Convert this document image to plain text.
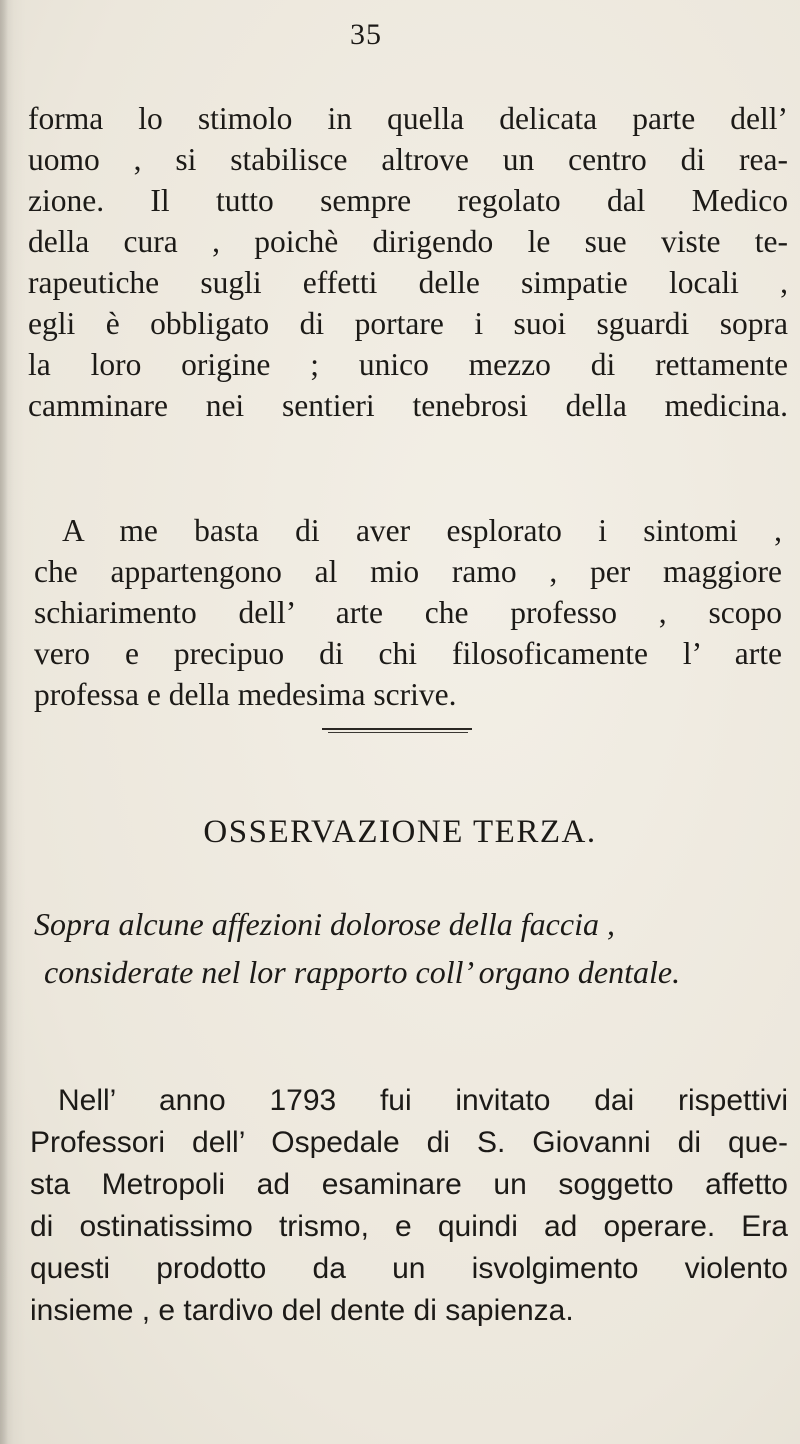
35

forma lo stimolo in quella delicata parte dell’
uomo , si stabilisce altrove un centro di rea-
zione. Il tutto sempre regolato dal Medico
della cura , poichè dirigendo le sue viste te-
rapeutiche sugli effetti delle simpatie locali ,
egli è obbligato di portare i suoi sguardi sopra
la loro origine ; unico mezzo di rettamente
camminare nei sentieri tenebrosi della medicina.

A me basta di aver esplorato i sintomi ,
che appartengono al mio ramo , per maggiore
schiarimento dell’ arte che professo , scopo
vero e precipuo di chi filosoficamente l’ arte
professa e della medesima scrive.

OSSERVAZIONE TERZA.

Sopra alcune affezioni dolorose della faccia ,

considerate nel lor rapporto coll’ organo dentale.

Nell’ anno 1793 fui invitato dai rispettivi
Professori dell’ Ospedale di S. Giovanni di que-
sta Metropoli ad esaminare un soggetto affetto
di ostinatissimo trismo, e quindi ad operare. Era
questi prodotto da un isvolgimento violento
insieme , e tardivo del dente di sapienza.
